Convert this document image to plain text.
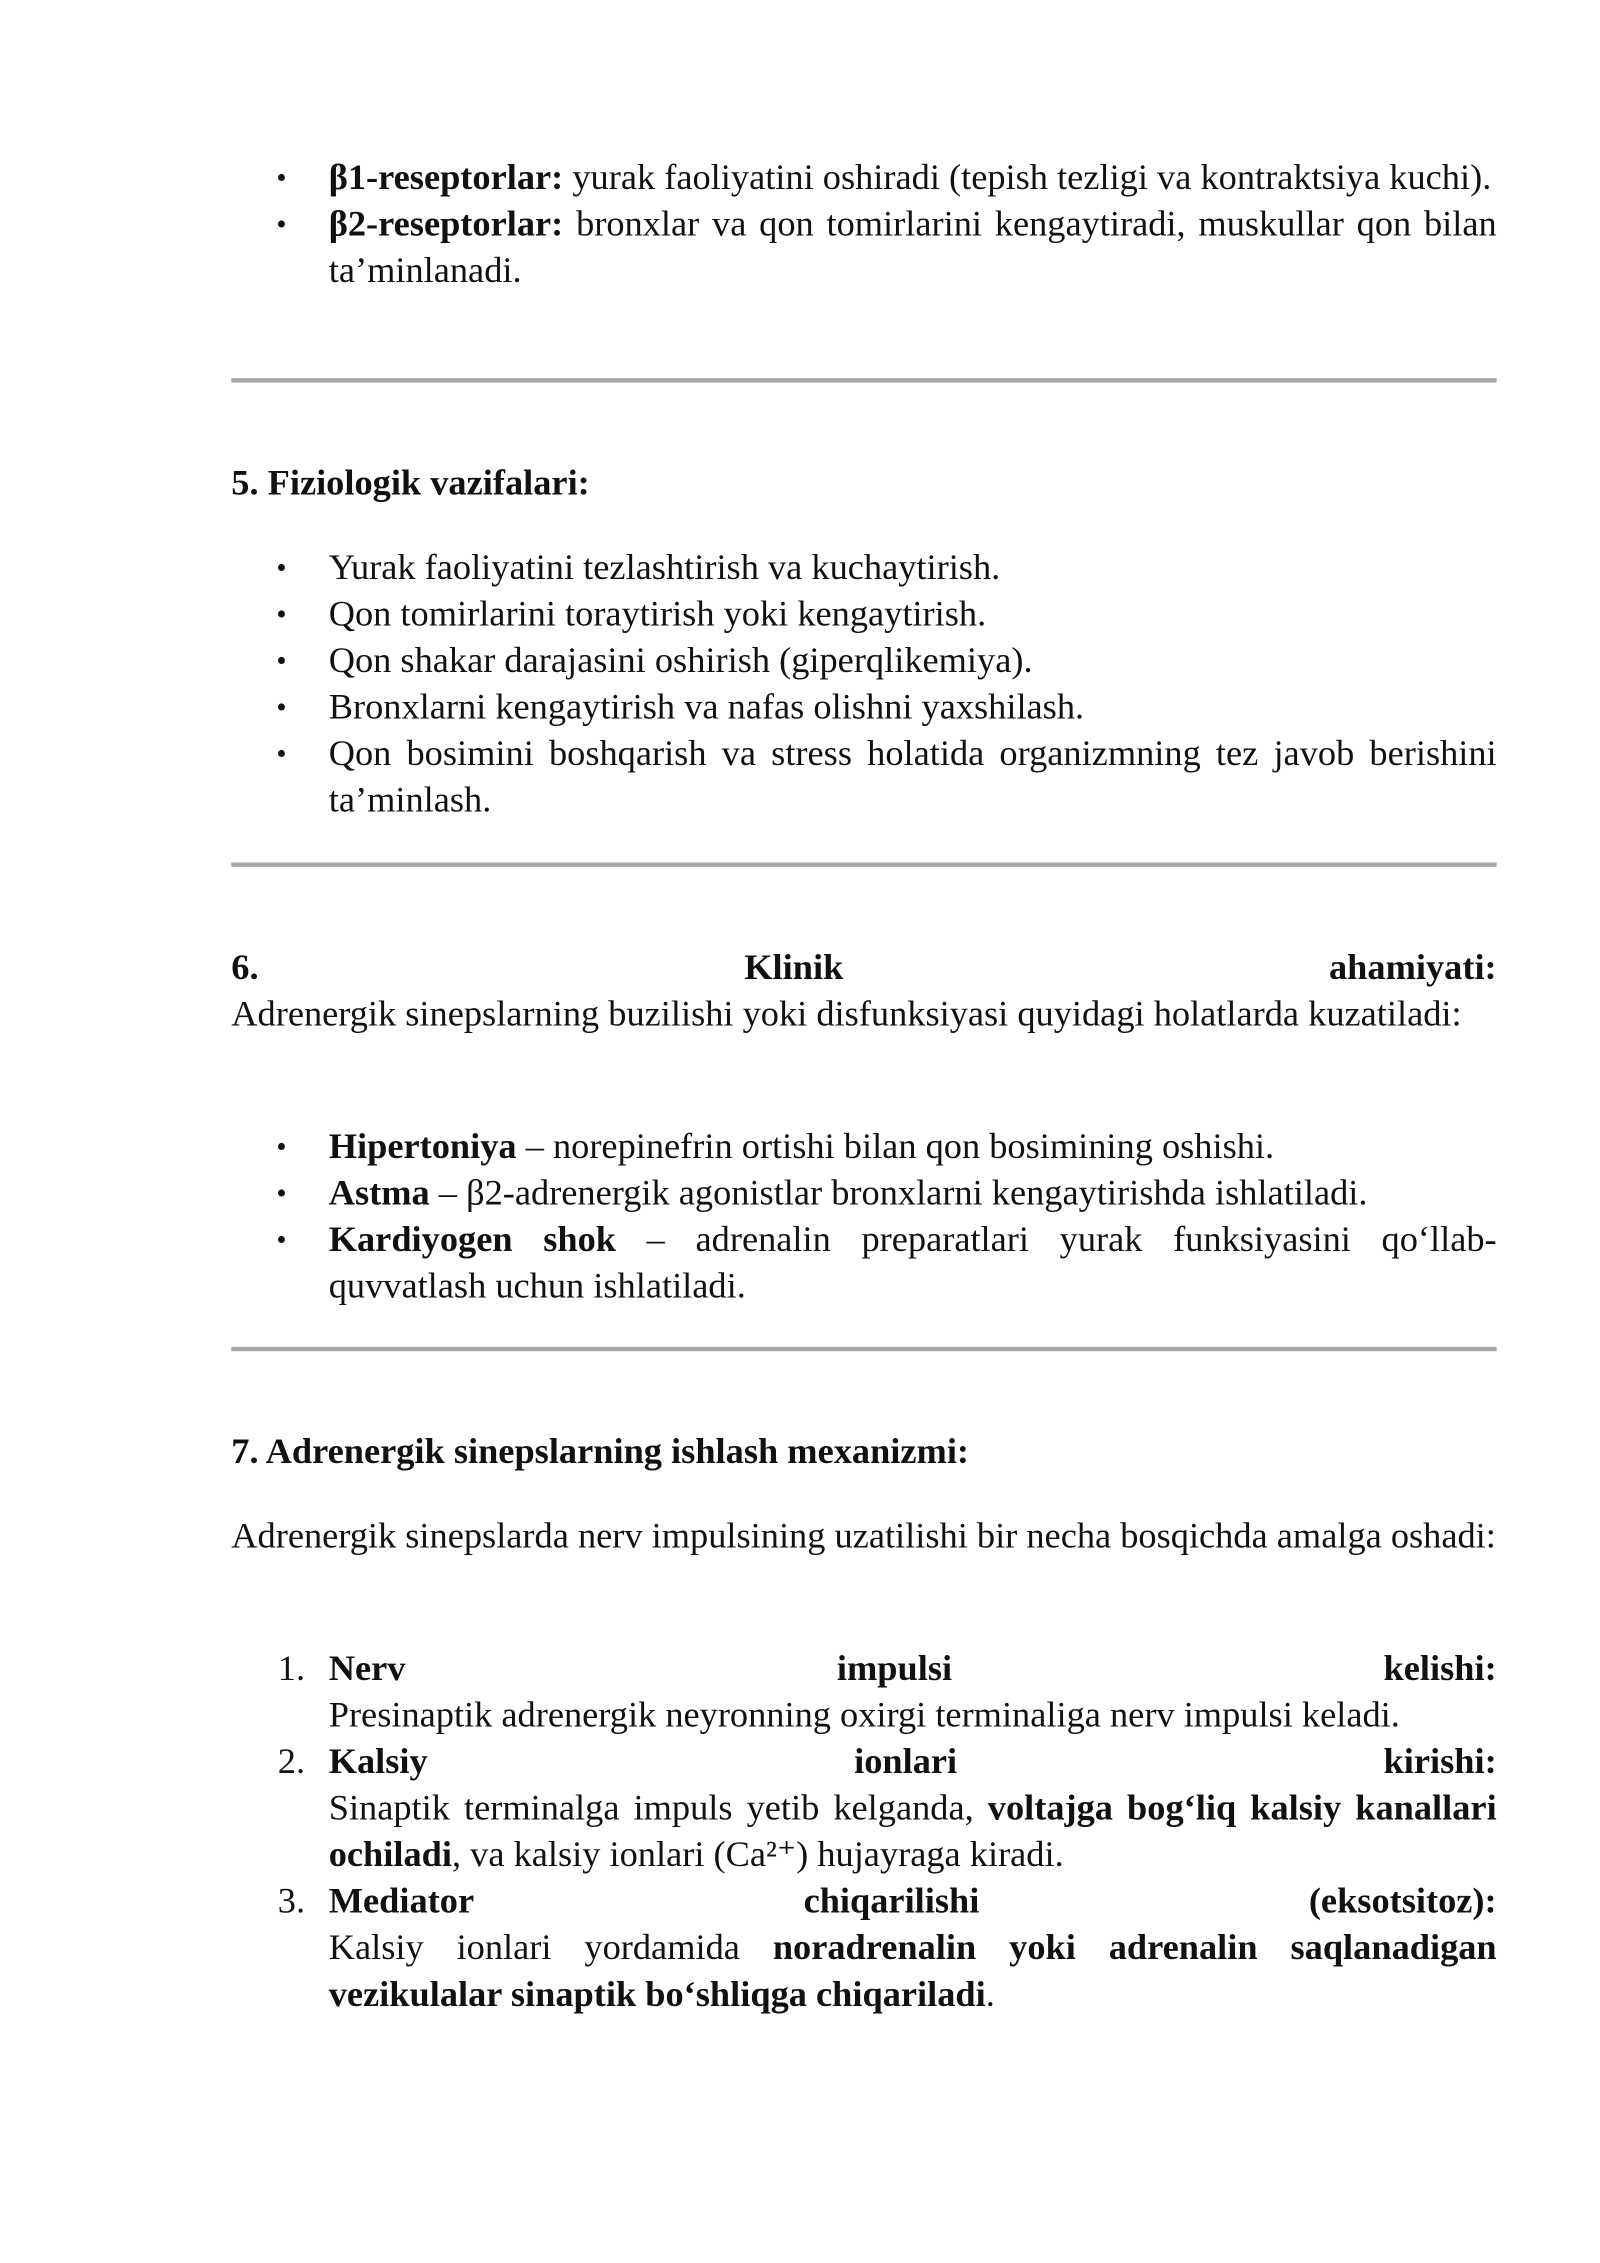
• β1-reseptorlar: yurak faoliyatini oshiradi (tepish tezligi va kontraktsiya kuchi).
• β2-reseptorlar: bronxlar va qon tomirlarini kengaytiradi, muskullar qon bilan ta’minlanadi.
5. Fiziologik vazifalari:
• Yurak faoliyatini tezlashtirish va kuchaytirish.
• Qon tomirlarini toraytirish yoki kengaytirish.
• Qon shakar darajasini oshirish (giperqlikemiya).
• Bronxlarni kengaytirish va nafas olishni yaxshilash.
• Qon bosimini boshqarish va stress holatida organizmning tez javob berishini ta’minlash.
6.	Klinik	ahamiyati:

Adrenergik sinepslarning buzilishi yoki disfunksiyasi quyidagi holatlarda kuzatiladi:

• Hipertoniya – norepinefrin ortishi bilan qon bosimining oshishi.
• Astma – β2-adrenergik agonistlar bronxlarni kengaytirishda ishlatiladi.
• Kardiyogen shok – adrenalin preparatlari yurak funksiyasini qo‘llab-quvvatlash uchun ishlatiladi.
7. Adrenergik sinepslarning ishlash mexanizmi:

Adrenergik sinepslarda nerv impulsining uzatilishi bir necha bosqichda amalga oshadi:

1. Nerv	impulsi	kelishi:
Presinaptik adrenergik neyronning oxirgi terminaliga nerv impulsi keladi.
2. Kalsiy	ionlari	kirishi:
Sinaptik terminalga impuls yetib kelganda, voltajga bog‘liq kalsiy kanallari ochiladi, va kalsiy ionlari (Ca²⁺) hujayraga kiradi.
3. Mediator	chiqarilishi	(eksotsitoz):
Kalsiy ionlari yordamida noradrenalin yoki adrenalin saqlanadigan vezikulalar sinaptik bo‘shliqga chiqariladi.
